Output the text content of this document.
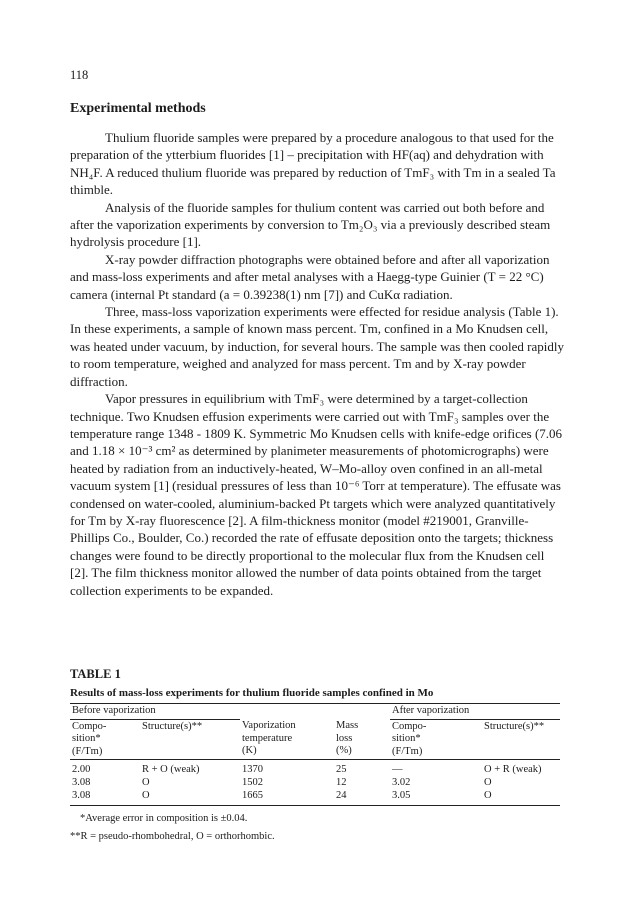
118
Experimental methods

Thulium fluoride samples were prepared by a procedure analogous to that used for the preparation of the ytterbium fluorides [1] – precipitation with HF(aq) and dehydration with NH₄F. A reduced thulium fluoride was prepared by reduction of TmF₃ with Tm in a sealed Ta thimble.

Analysis of the fluoride samples for thulium content was carried out both before and after the vaporization experiments by conversion to Tm₂O₃ via a previously described steam hydrolysis procedure [1].

X-ray powder diffraction photographs were obtained before and after all vaporization and mass-loss experiments and after metal analyses with a Haegg-type Guinier (T = 22 °C) camera (internal Pt standard (a = 0.39238(1) nm [7]) and CuKα radiation.

Three, mass-loss vaporization experiments were effected for residue analysis (Table 1). In these experiments, a sample of known mass percent. Tm, confined in a Mo Knudsen cell, was heated under vacuum, by induction, for several hours. The sample was then cooled rapidly to room temperature, weighed and analyzed for mass percent. Tm and by X-ray powder diffraction.

Vapor pressures in equilibrium with TmF₃ were determined by a target-collection technique. Two Knudsen effusion experiments were carried out with TmF₃ samples over the temperature range 1348 - 1809 K. Symmetric Mo Knudsen cells with knife-edge orifices (7.06 and 1.18 × 10⁻³ cm² as determined by planimeter measurements of photomicrographs) were heated by radiation from an inductively-heated, W–Mo-alloy oven confined in an all-metal vacuum system [1] (residual pressures of less than 10⁻⁶ Torr at temperature). The effusate was condensed on water-cooled, aluminium-backed Pt targets which were analyzed quantitatively for Tm by X-ray fluorescence [2]. A film-thickness monitor (model #219001, Granville-Phillips Co., Boulder, Co.) recorded the rate of effusate deposition onto the targets; thickness changes were found to be directly proportional to the molecular flux from the Knudsen cell [2]. The film thickness monitor allowed the number of data points obtained from the target collection experiments to be expanded.

TABLE 1
Results of mass-loss experiments for thulium fluoride samples confined in Mo
Before vaporization				After vaporization	
Compo-
sition*
(F/Tm)	Structure(s)**	Vaporization
temperature
(K)	Mass
loss
(%)	Compo-
sition*
(F/Tm)	Structure(s)**
2.00	R + O (weak)	1370	25	—	O + R (weak)
3.08	O	1502	12	3.02	O
3.08	O	1665	24	3.05	O
*Average error in composition is ±0.04.
**R = pseudo-rhombohedral, O = orthorhombic.
